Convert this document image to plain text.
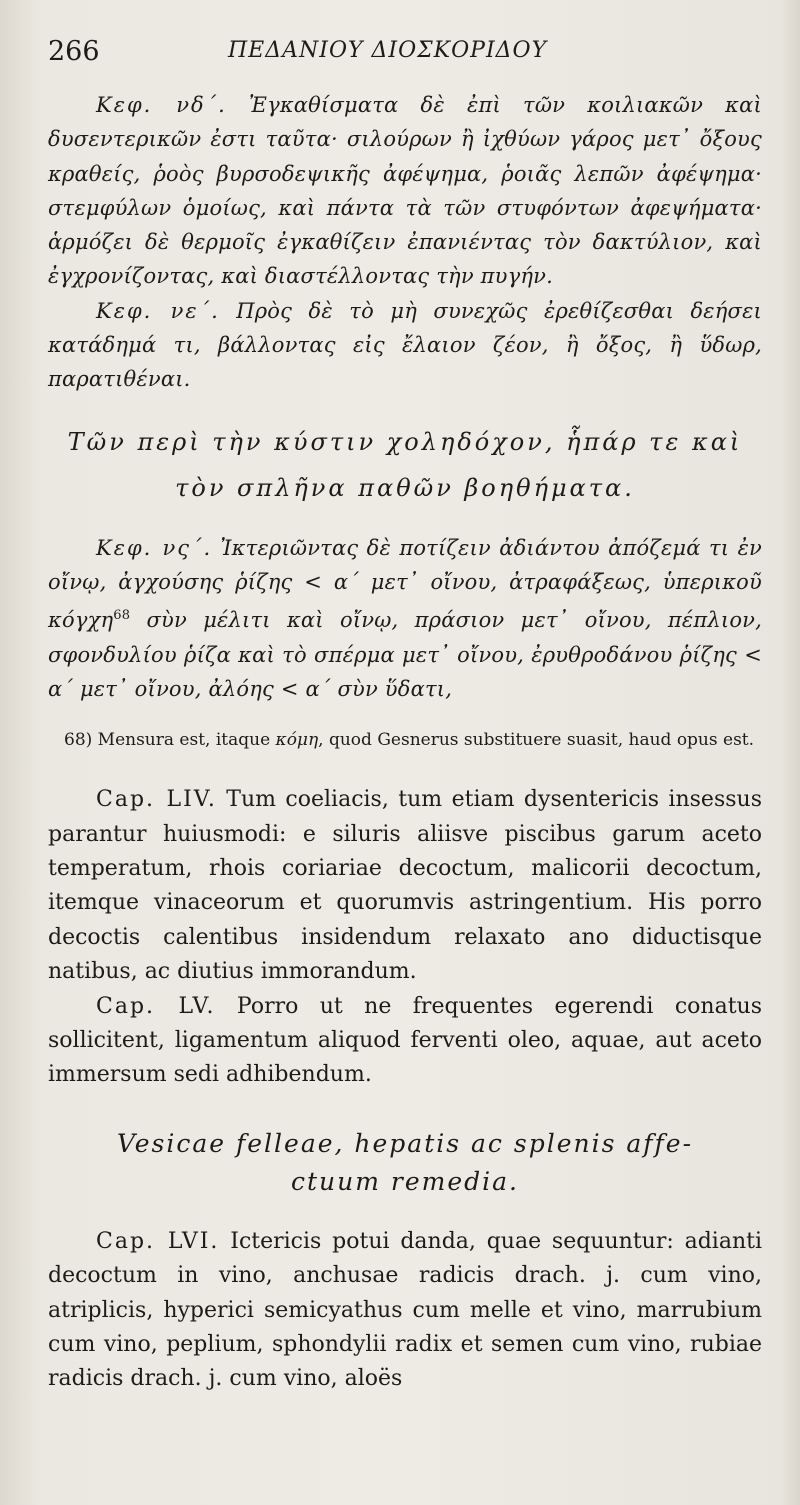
266	ΠΕΔΑΝΙΟΥ ΔΙΟΣΚΟΡΙΔΟΥ

Κεφ. νδ΄. Ἐγκαθίσματα δὲ ἐπὶ τῶν κοιλιακῶν καὶ δυσεντερικῶν ἐστι ταῦτα· σιλούρων ἢ ἰχθύων γάρος μετ᾽ ὄξους κραθείς, ῥοὸς βυρσοδεψικῆς ἀφέψημα, ῥοιᾶς λεπῶν ἀφέψημα· στεμφύλων ὁμοίως, καὶ πάντα τὰ τῶν στυφόντων ἀφεψήματα· ἁρμόζει δὲ θερμοῖς ἐγκαθίζειν ἐπανιέντας τὸν δακτύλιον, καὶ ἐγχρονίζοντας, καὶ διαστέλλοντας τὴν πυγήν.

Κεφ. νε΄. Πρὸς δὲ τὸ μὴ συνεχῶς ἐρεθίζεσθαι δεήσει κατάδημά τι, βάλλοντας εἰς ἔλαιον ζέον, ἢ ὄξος, ἢ ὕδωρ, παρατιθέναι.

Τῶν περὶ τὴν κύστιν χοληδόχον, ἧπάρ τε καὶ

τὸν σπλῆνα παθῶν βοηθήματα.

Κεφ. νς΄. Ἰκτεριῶντας δὲ ποτίζειν ἀδιάντου ἀπόζεμά τι ἐν οἴνῳ, ἀγχούσης ῥίζης < α΄ μετ᾽ οἴνου, ἀτραφάξεως, ὑπερικοῦ κόγχη$^{68}$ σὺν μέλιτι καὶ οἴνῳ, πράσιον μετ᾽ οἴνου, πέπλιον, σφονδυλίου ῥίζα καὶ τὸ σπέρμα μετ᾽ οἴνου, ἐρυθροδάνου ῥίζης < α΄ μετ᾽ οἴνου, ἀλόης < α΄ σὺν ὕδατι,

68) Mensura est, itaque κόμη, quod Gesnerus substituere suasit, haud opus est.

Cap. LIV. Tum coeliacis, tum etiam dysentericis insessus parantur huiusmodi: e siluris aliisve piscibus garum aceto temperatum, rhois coriariae decoctum, malicorii decoctum, itemque vinaceorum et quorumvis astringentium. His porro decoctis calentibus insidendum relaxato ano diductisque natibus, ac diutius immorandum.

Cap. LV. Porro ut ne frequentes egerendi conatus sollicitent, ligamentum aliquod ferventi oleo, aquae, aut aceto immersum sedi adhibendum.

Vesicae felleae, hepatis ac splenis affe-

ctuum remedia.

Cap. LVI. Ictericis potui danda, quae sequuntur: adianti decoctum in vino, anchusae radicis drach. j. cum vino, atriplicis, hyperici semicyathus cum melle et vino, marrubium cum vino, peplium, sphondylii radix et semen cum vino, rubiae radicis drach. j. cum vino, aloës
